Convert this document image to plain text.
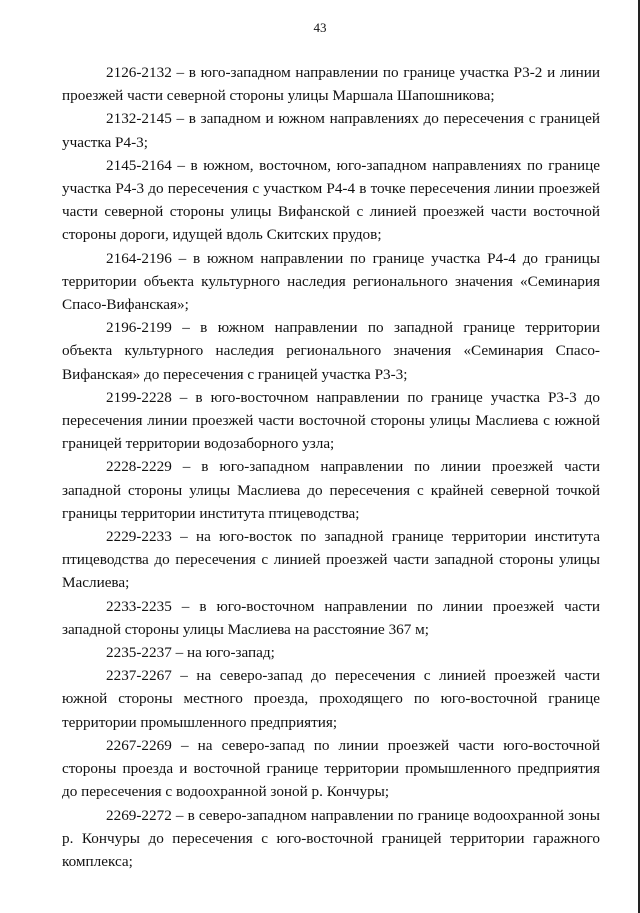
43

2126-2132 – в юго-западном направлении по границе участка Р3-2 и линии проезжей части северной стороны улицы Маршала Шапошникова;

2132-2145 – в западном и южном направлениях до пересечения с границей участка Р4-3;

2145-2164 – в южном, восточном, юго-западном направлениях по границе участка Р4-3 до пересечения с участком Р4-4 в точке пересечения линии проезжей части северной стороны улицы Вифанской с линией проезжей части восточной стороны дороги, идущей вдоль Скитских прудов;

2164-2196 – в южном направлении по границе участка Р4-4 до границы территории объекта культурного наследия регионального значения «Семинария Спасо-Вифанская»;

2196-2199 – в южном направлении по западной границе территории объекта культурного наследия регионального значения «Семинария Спасо-Вифанская» до пересечения с границей участка Р3-3;

2199-2228 – в юго-восточном направлении по границе участка Р3-3 до пересечения линии проезжей части восточной стороны улицы Маслиева с южной границей территории водозаборного узла;

2228-2229 – в юго-западном направлении по линии проезжей части западной стороны улицы Маслиева до пересечения с крайней северной точкой границы территории института птицеводства;

2229-2233 – на юго-восток по западной границе территории института птицеводства до пересечения с линией проезжей части западной стороны улицы Маслиева;

2233-2235 – в юго-восточном направлении по линии проезжей части западной стороны улицы Маслиева на расстояние 367 м;

2235-2237 – на юго-запад;

2237-2267 – на северо-запад до пересечения с линией проезжей части южной стороны местного проезда, проходящего по юго-восточной границе территории промышленного предприятия;

2267-2269 – на северо-запад по линии проезжей части юго-восточной стороны проезда и восточной границе территории промышленного предприятия до пересечения с водоохранной зоной р. Кончуры;

2269-2272 – в северо-западном направлении по границе водоохранной зоны р. Кончуры до пересечения с юго-восточной границей территории гаражного комплекса;
